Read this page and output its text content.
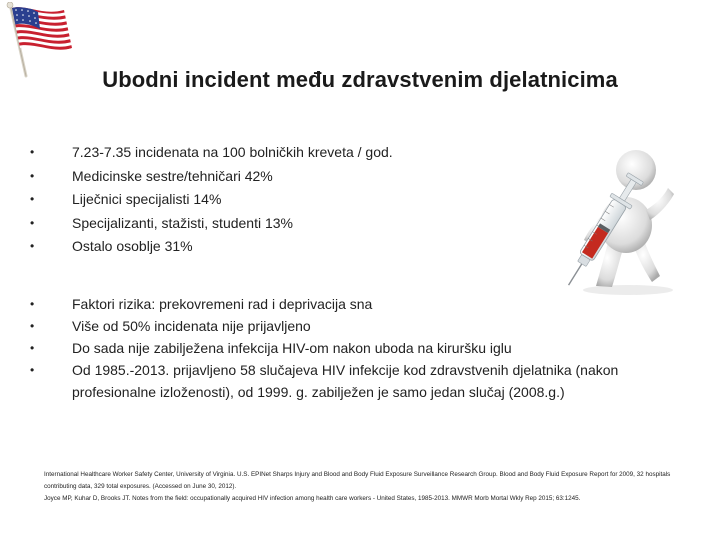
Ubodni incident među zdravstvenim djelatnicima
•	7.23-7.35 incidenata na 100 bolničkih kreveta / god.
•	Medicinske sestre/tehničari 42%
•	Liječnici specijalisti 14%
•	Specijalizanti, stažisti, studenti 13%
•	Ostalo osoblje 31%
•	Faktori rizika: prekovremeni rad i deprivacija sna
•	Više od 50% incidenata nije prijavljeno
•	Do sada nije zabilježena infekcija HIV-om nakon uboda na kiruršku iglu
•	Od 1985.-2013. prijavljeno 58 slučajeva HIV infekcije kod zdravstvenih djelatnika (nakon profesionalne izloženosti), od 1999. g. zabilježen je samo jedan slučaj (2008.g.)

International Healthcare Worker Safety Center, University of Virginia. U.S. EPINet Sharps Injury and Blood and Body Fluid Exposure Surveillance Research Group. Blood and Body Fluid Exposure Report for 2009, 32 hospitals contributing data, 329 total exposures. (Accessed on June 30, 2012).

Joyce MP, Kuhar D, Brooks JT. Notes from the field: occupationally acquired HIV infection among health care workers - United States, 1985-2013. MMWR Morb Mortal Wkly Rep 2015; 63:1245.
